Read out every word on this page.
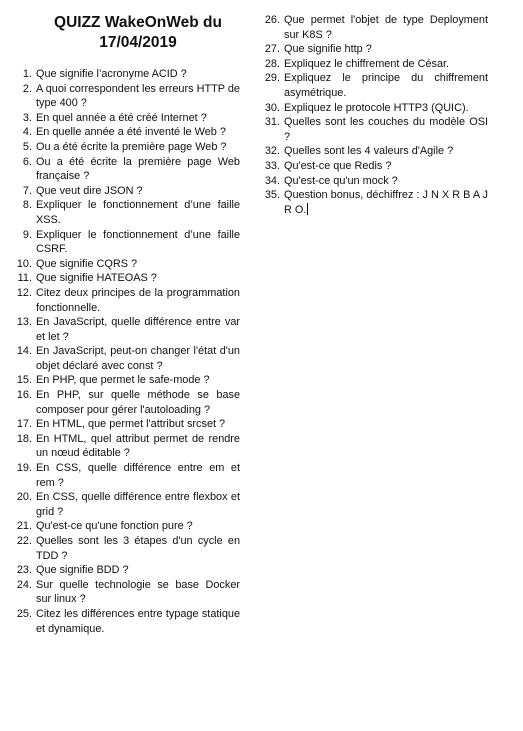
QUIZZ WakeOnWeb du
17/04/2019
1. Que signifie l’acronyme ACID ?
2. A quoi correspondent les erreurs HTTP de type 400 ?
3. En quel année a été créé Internet ?
4. En quelle année a été inventé le Web ?
5. Ou a été écrite la première page Web ?
6. Ou a été écrite la première page Web française ?
7. Que veut dire JSON ?
8. Expliquer le fonctionnement d’une faille XSS.
9. Expliquer le fonctionnement d’une faille CSRF.
10. Que signifie CQRS ?
11. Que signifie HATEOAS ?
12. Citez deux principes de la programmation fonctionnelle.
13. En JavaScript, quelle différence entre var et let ?
14. En JavaScript, peut-on changer l'état d'un objet déclaré avec const ?
15. En PHP, que permet le safe-mode ?
16. En PHP, sur quelle méthode se base composer pour gérer l'autoloading ?
17. En HTML, que permet l'attribut srcset ?
18. En HTML, quel attribut permet de rendre un nœud éditable ?
19. En CSS, quelle différence entre em et rem ?
20. En CSS, quelle différence entre flexbox et grid ?
21. Qu'est-ce qu'une fonction pure ?
22. Quelles sont les 3 étapes d'un cycle en TDD ?
23. Que signifie BDD ?
24. Sur quelle technologie se base Docker sur linux ?
25. Citez les différences entre typage statique et dynamique.
26. Que permet l'objet de type Deployment sur K8S ?
27. Que signifie http ?
28. Expliquez le chiffrement de César.
29. Expliquez le principe du chiffrement asymétrique.
30. Expliquez le protocole HTTP3 (QUIC).
31. Quelles sont les couches du modèle OSI ?
32. Quelles sont les 4 valeurs d'Agile ?
33. Qu'est-ce que Redis ?
34. Qu'est-ce qu'un mock ?
35. Question bonus, déchiffrez : J N X R B A J R O.
